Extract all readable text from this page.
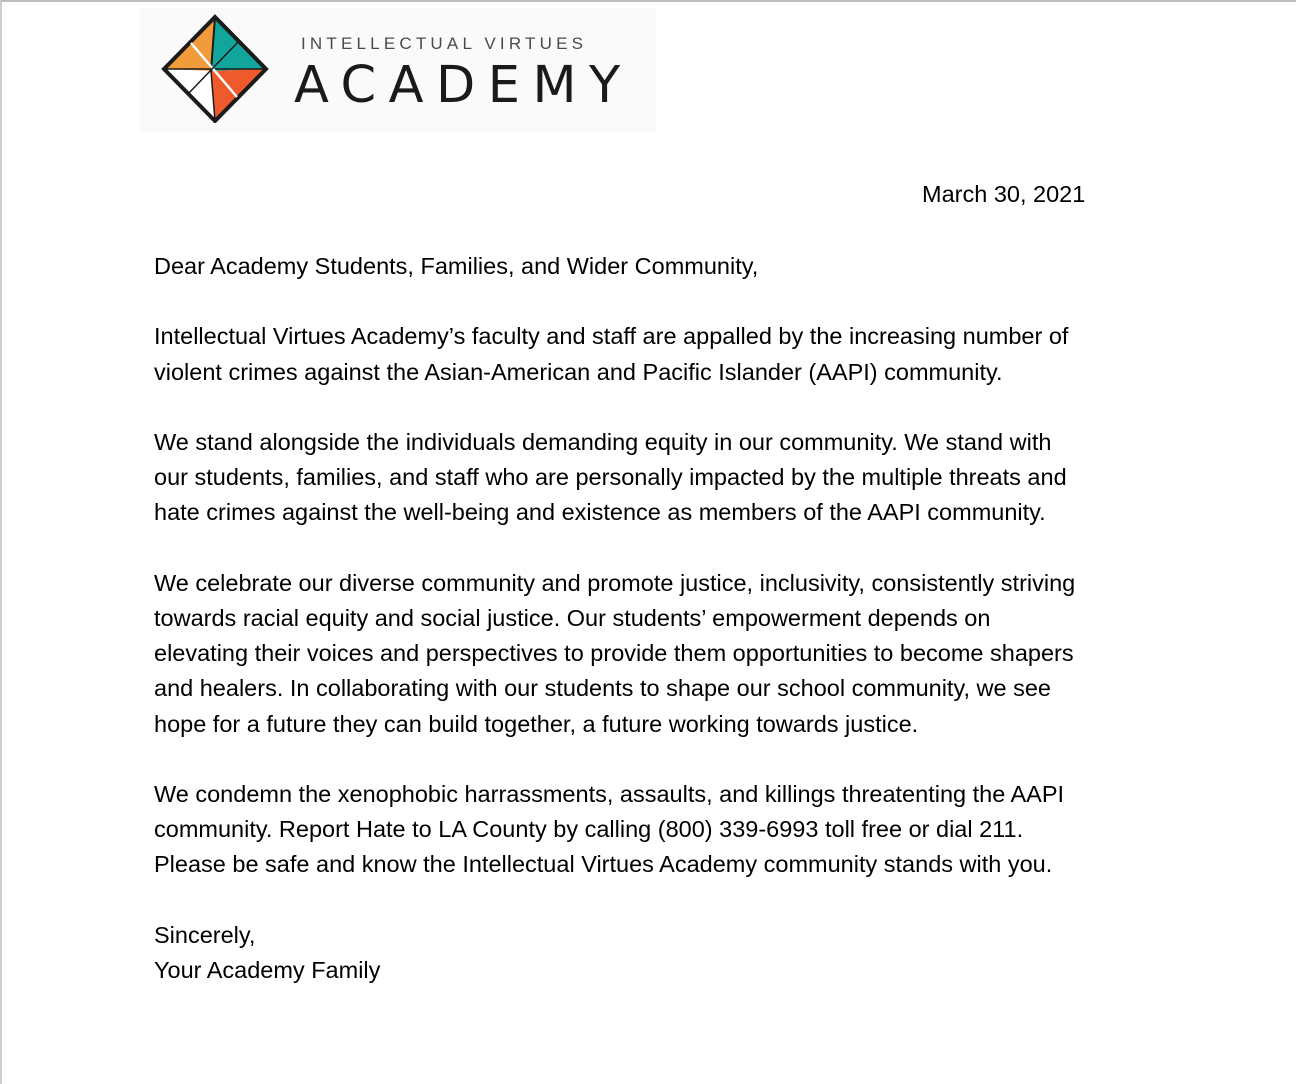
INTELLECTUAL VIRTUES
ACADEMY
March 30, 2021

Dear Academy Students, Families, and Wider Community,

Intellectual Virtues Academy’s faculty and staff are appalled by the increasing number of
violent crimes against the Asian-American and Pacific Islander (AAPI) community.

We stand alongside the individuals demanding equity in our community. We stand with
our students, families, and staff who are personally impacted by the multiple threats and
hate crimes against the well-being and existence as members of the AAPI community.

We celebrate our diverse community and promote justice, inclusivity, consistently striving
towards racial equity and social justice. Our students’ empowerment depends on
elevating their voices and perspectives to provide them opportunities to become shapers
and healers. In collaborating with our students to shape our school community, we see
hope for a future they can build together, a future working towards justice.

We condemn the xenophobic harrassments, assaults, and killings threatenting the AAPI
community. Report Hate to LA County by calling (800) 339-6993 toll free or dial 211.
Please be safe and know the Intellectual Virtues Academy community stands with you.

Sincerely,
Your Academy Family
